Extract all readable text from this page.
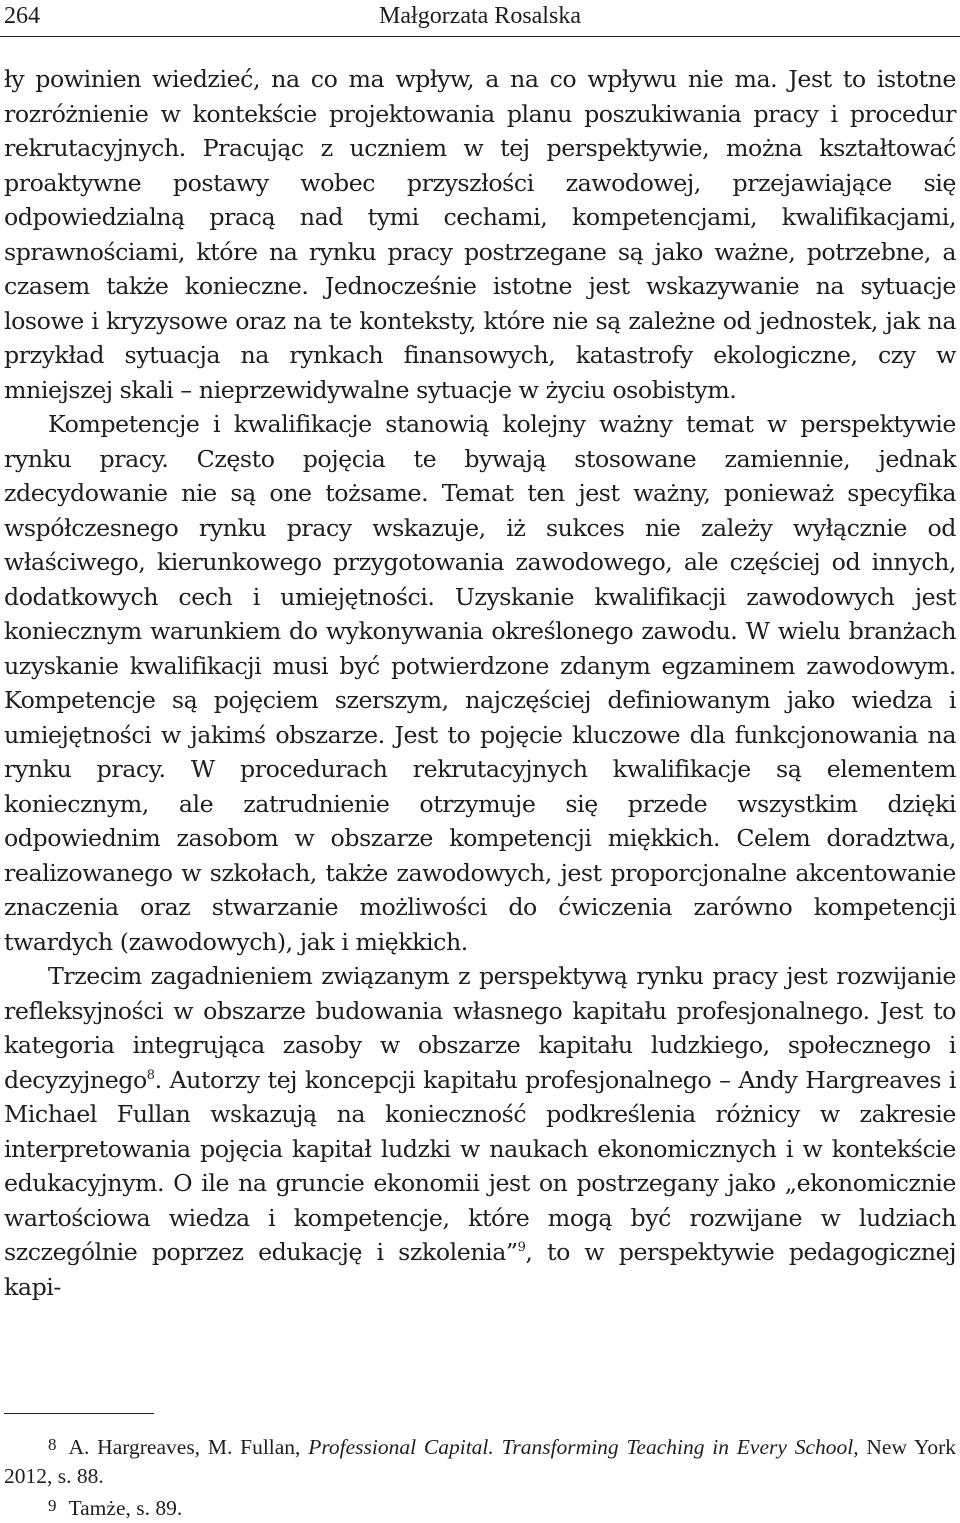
264	Małgorzata Rosalska

ły powinien wiedzieć, na co ma wpływ, a na co wpływu nie ma. Jest to istotne rozróżnienie w kontekście projektowania planu poszukiwania pracy i procedur rekrutacyjnych. Pracując z uczniem w tej perspektywie, można kształtować proaktywne postawy wobec przyszłości zawodowej, przejawiające się odpowiedzialną pracą nad tymi cechami, kompetencjami, kwalifikacjami, sprawnościami, które na rynku pracy postrzegane są jako ważne, potrzebne, a czasem także konieczne. Jednocześnie istotne jest wskazywanie na sytuacje losowe i kryzysowe oraz na te konteksty, które nie są zależne od jednostek, jak na przykład sytuacja na rynkach finansowych, katastrofy ekologiczne, czy w mniejszej skali – nieprzewidywalne sytuacje w życiu osobistym.

Kompetencje i kwalifikacje stanowią kolejny ważny temat w perspektywie rynku pracy. Często pojęcia te bywają stosowane zamiennie, jednak zdecydowanie nie są one tożsame. Temat ten jest ważny, ponieważ specyfika współczesnego rynku pracy wskazuje, iż sukces nie zależy wyłącznie od właściwego, kierunkowego przygotowania zawodowego, ale częściej od innych, dodatkowych cech i umiejętności. Uzyskanie kwalifikacji zawodowych jest koniecznym warunkiem do wykonywania określonego zawodu. W wielu branżach uzyskanie kwalifikacji musi być potwierdzone zdanym egzaminem zawodowym. Kompetencje są pojęciem szerszym, najczęściej definiowanym jako wiedza i umiejętności w jakimś obszarze. Jest to pojęcie kluczowe dla funkcjonowania na rynku pracy. W procedurach rekrutacyjnych kwalifikacje są elementem koniecznym, ale zatrudnienie otrzymuje się przede wszystkim dzięki odpowiednim zasobom w obszarze kompetencji miękkich. Celem doradztwa, realizowanego w szkołach, także zawodowych, jest proporcjonalne akcentowanie znaczenia oraz stwarzanie możliwości do ćwiczenia zarówno kompetencji twardych (zawodowych), jak i miękkich.

Trzecim zagadnieniem związanym z perspektywą rynku pracy jest rozwijanie refleksyjności w obszarze budowania własnego kapitału profesjonalnego. Jest to kategoria integrująca zasoby w obszarze kapitału ludzkiego, społecznego i decyzyjnego$^8$. Autorzy tej koncepcji kapitału profesjonalnego – Andy Hargreaves i Michael Fullan wskazują na konieczność podkreślenia różnicy w zakresie interpretowania pojęcia kapitał ludzki w naukach ekonomicznych i w kontekście edukacyjnym. O ile na gruncie ekonomii jest on postrzegany jako „ekonomicznie wartościowa wiedza i kompetencje, które mogą być rozwijane w ludziach szczególnie poprzez edukację i szkolenia”$^9$, to w perspektywie pedagogicznej kapi-

8 A. Hargreaves, M. Fullan, Professional Capital. Transforming Teaching in Every School, New York 2012, s. 88.

9 Tamże, s. 89.
